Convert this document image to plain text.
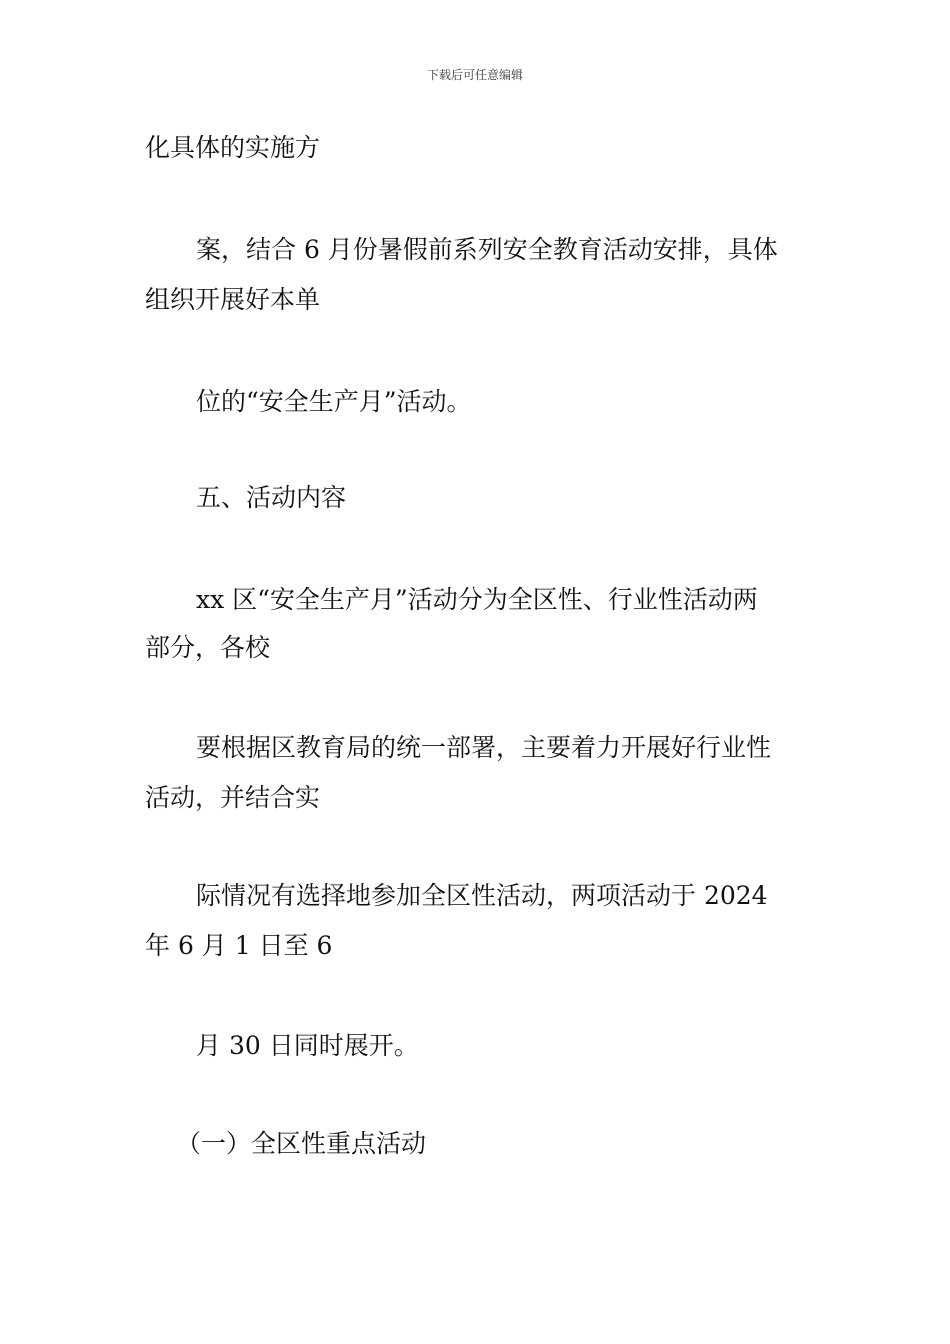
下载后可任意编辑
化具体的实施方
案，结合 6 月份暑假前系列安全教育活动安排，具体
组织开展好本单
位的“安全生产月”活动。
五、活动内容
xx 区“安全生产月”活动分为全区性、行业性活动两
部分，各校
要根据区教育局的统一部署，主要着力开展好行业性
活动，并结合实
际情况有选择地参加全区性活动，两项活动于 2024
年 6 月 1 日至 6
月 30 日同时展开。
（一）全区性重点活动
